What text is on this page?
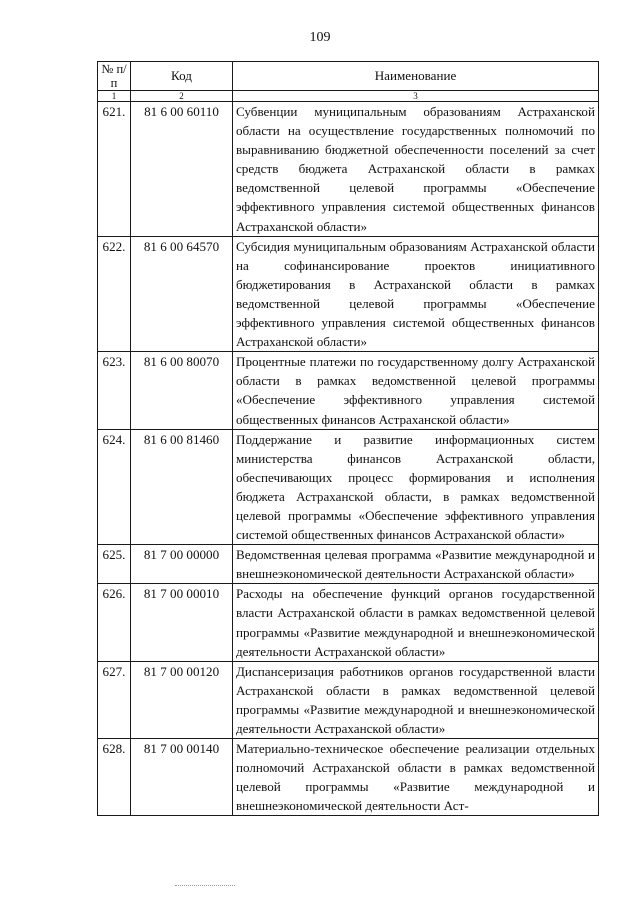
109
№ п/п	Код	Наименование
1	2	3
621.	81 6 00 60110	Субвенции муниципальным образованиям Астраханской области на осуществление государственных полномочий по выравниванию бюджетной обеспеченности поселений за счет средств бюджета Астраханской области в рамках ведомственной целевой программы «Обеспечение эффективного управления системой общественных финансов Астраханской области»
622.	81 6 00 64570	Субсидия муниципальным образованиям Астраханской области на софинансирование проектов инициативного бюджетирования в Астраханской области в рамках ведомственной целевой программы «Обеспечение эффективного управления системой общественных финансов Астраханской области»
623.	81 6 00 80070	Процентные платежи по государственному долгу Астраханской области в рамках ведомственной целевой программы «Обеспечение эффективного управления системой общественных финансов Астраханской области»
624.	81 6 00 81460	Поддержание и развитие информационных систем министерства финансов Астраханской области, обеспечивающих процесс формирования и исполнения бюджета Астраханской области, в рамках ведомственной целевой программы «Обеспечение эффективного управления системой общественных финансов Астраханской области»
625.	81 7 00 00000	Ведомственная целевая программа «Развитие международной и внешнеэкономической деятельности Астраханской области»
626.	81 7 00 00010	Расходы на обеспечение функций органов государственной власти Астраханской области в рамках ведомственной целевой программы «Развитие международной и внешнеэкономической деятельности Астраханской области»
627.	81 7 00 00120	Диспансеризация работников органов государственной власти Астраханской области в рамках ведомственной целевой программы «Развитие международной и внешнеэкономической деятельности Астраханской области»
628.	81 7 00 00140	Материально-техническое обеспечение реализации отдельных полномочий Астраханской области в рамках ведомственной целевой программы «Развитие международной и внешнеэкономической деятельности Аст-
